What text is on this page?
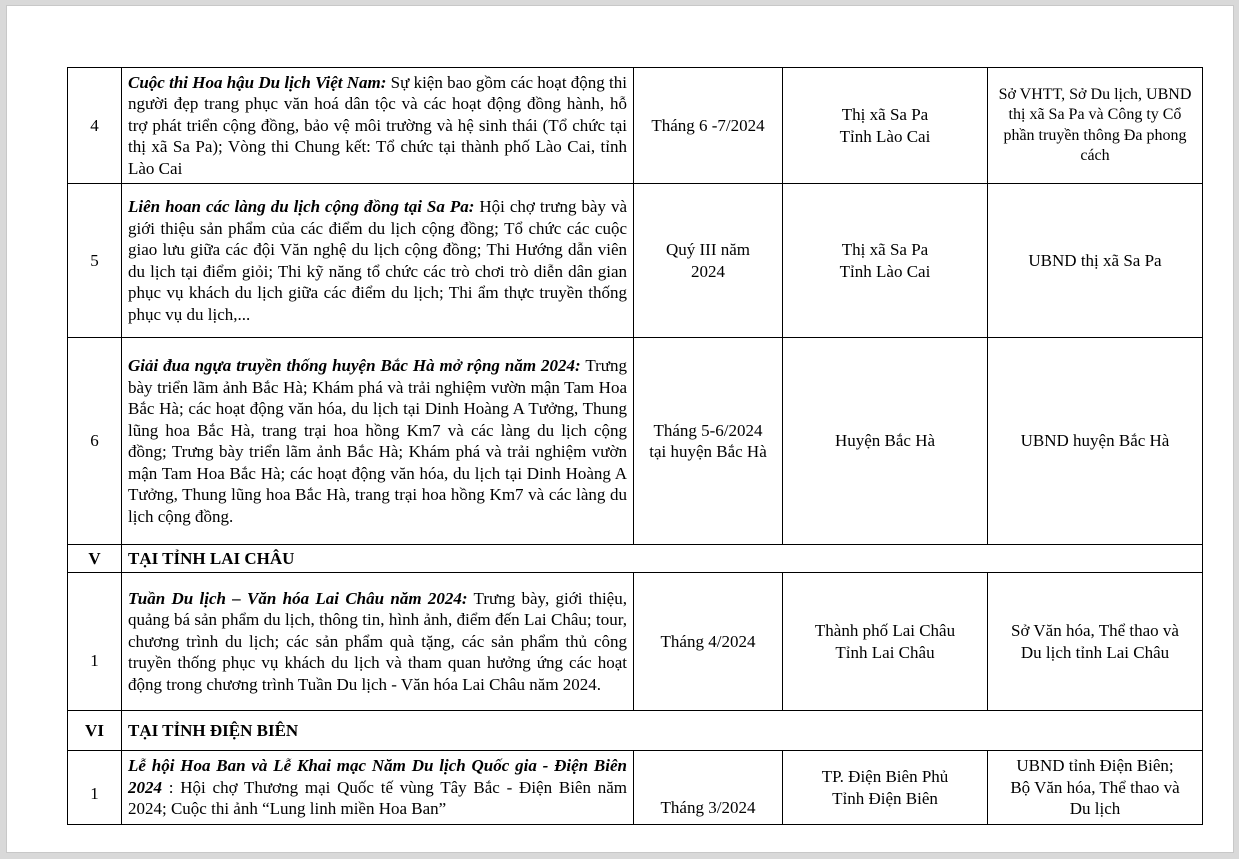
4	Cuộc thi Hoa hậu Du lịch Việt Nam: Sự kiện bao gồm các hoạt động thi người đẹp trang phục văn hoá dân tộc và các hoạt động đồng hành, hỗ trợ phát triển cộng đồng, bảo vệ môi trường và hệ sinh thái (Tổ chức tại thị xã Sa Pa); Vòng thi Chung kết: Tổ chức tại thành phố Lào Cai, tỉnh Lào Cai	Tháng 6 -7/2024	Thị xã Sa Pa
Tỉnh Lào Cai	Sở VHTT, Sở Du lịch, UBND thị xã Sa Pa và Công ty Cổ phần truyền thông Đa phong cách
5	Liên hoan các làng du lịch cộng đồng tại Sa Pa: Hội chợ trưng bày và giới thiệu sản phẩm của các điểm du lịch cộng đồng; Tổ chức các cuộc giao lưu giữa các đội Văn nghệ du lịch cộng đồng; Thi Hướng dẫn viên du lịch tại điểm giỏi; Thi kỹ năng tổ chức các trò chơi trò diễn dân gian phục vụ khách du lịch giữa các điểm du lịch; Thi ẩm thực truyền thống phục vụ du lịch,...	Quý III năm
2024	Thị xã Sa Pa
Tỉnh Lào Cai	UBND thị xã Sa Pa
6	Giải đua ngựa truyền thống huyện Bắc Hà mở rộng năm 2024: Trưng bày triển lãm ảnh Bắc Hà; Khám phá và trải nghiệm vườn mận Tam Hoa Bắc Hà; các hoạt động văn hóa, du lịch tại Dinh Hoàng A Tưởng, Thung lũng hoa Bắc Hà, trang trại hoa hồng Km7 và các làng du lịch cộng đồng; Trưng bày triển lãm ảnh Bắc Hà; Khám phá và trải nghiệm vườn mận Tam Hoa Bắc Hà; các hoạt động văn hóa, du lịch tại Dinh Hoàng A Tưởng, Thung lũng hoa Bắc Hà, trang trại hoa hồng Km7 và các làng du lịch cộng đồng.	Tháng 5-6/2024
tại huyện Bắc Hà	Huyện Bắc Hà	UBND huyện Bắc Hà
V	TẠI TỈNH LAI CHÂU			
1	Tuần Du lịch – Văn hóa Lai Châu năm 2024: Trưng bày, giới thiệu, quảng bá sản phẩm du lịch, thông tin, hình ảnh, điểm đến Lai Châu; tour, chương trình du lịch; các sản phẩm quà tặng, các sản phẩm thủ công truyền thống phục vụ khách du lịch và tham quan hưởng ứng các hoạt động trong chương trình Tuần Du lịch - Văn hóa Lai Châu năm 2024.	Tháng 4/2024	Thành phố Lai Châu
Tỉnh Lai Châu	Sở Văn hóa, Thể thao và
Du lịch tỉnh Lai Châu

VI	TẠI TỈNH ĐIỆN BIÊN			
1	Lễ hội Hoa Ban và Lễ Khai mạc Năm Du lịch Quốc gia - Điện Biên 2024 : Hội chợ Thương mại Quốc tế vùng Tây Bắc - Điện Biên năm 2024; Cuộc thi ảnh “Lung linh miền Hoa Ban”	Tháng 3/2024	TP. Điện Biên Phủ
Tỉnh Điện Biên	UBND tỉnh Điện Biên;
Bộ Văn hóa, Thể thao và
Du lịch
